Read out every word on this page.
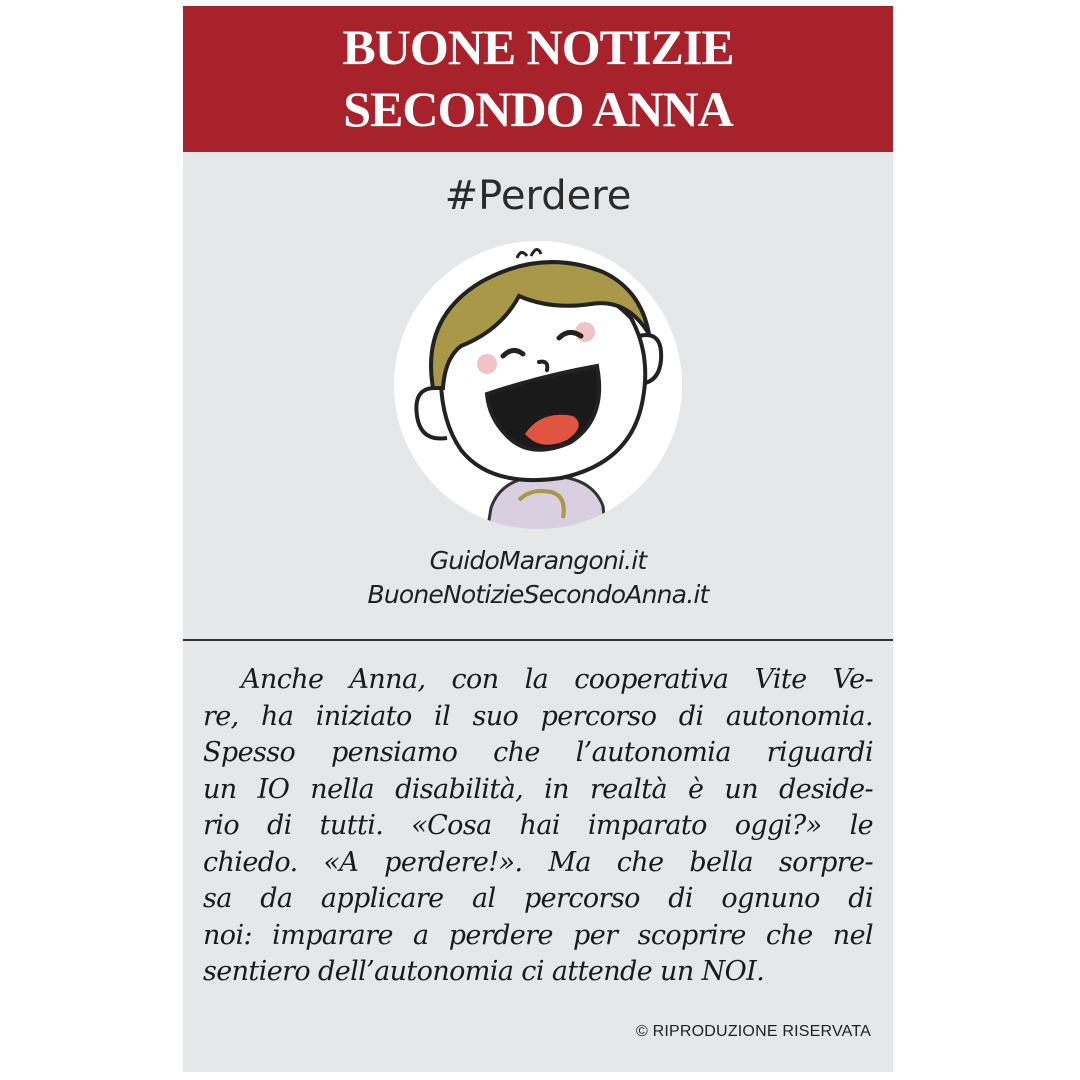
BUONE NOTIZIE
SECONDO ANNA
#Perdere
GuidoMarangoni.it
BuoneNotizieSecondoAnna.it
Anche Anna, con la cooperativa Vite Ve-
re, ha iniziato il suo percorso di autonomia.
Spesso pensiamo che l’autonomia riguardi
un IO nella disabilità, in realtà è un deside-
rio di tutti. «Cosa hai imparato oggi?» le
chiedo. «A perdere!». Ma che bella sorpre-
sa da applicare al percorso di ognuno di
noi: imparare a perdere per scoprire che nel
sentiero dell’autonomia ci attende un NOI.
© RIPRODUZIONE RISERVATA
